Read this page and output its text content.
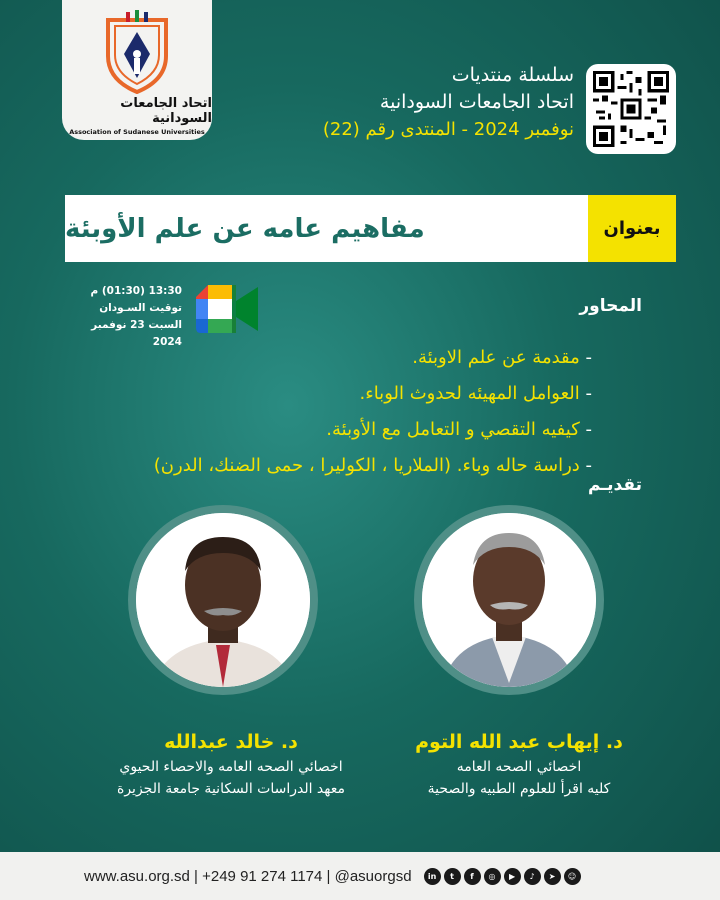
اتحاد الجامعات السودانية
Association of Sudanese Universities
سلسلة منتديات
اتحاد الجامعات السودانية
نوفمبر 2024 - المنتدى رقم (22)
مفاهيم عامه عن علم الأوبئة	بعنوان
13:30 (01:30) م
توقيت السـودان
السبت 23 نوفمبر 2024
المحاور
- مقدمة عن علم الاوبئة.
- العوامل المهيئه لحدوث الوباء.
- كيفيه التقصي و التعامل مع الأوبئة.
- دراسة حاله وباء. (الملاريا ، الكوليرا ، حمى الضنك، الدرن)
تقديـم
د. إيهاب عبد الله التوم
اخصائي الصحه العامه
كليه اقرأ للعلوم الطبيه والصحية
د. خالد عبدالله
اخصائي الصحه العامه والاحصاء الحيوي
معهد الدراسات السكانية جامعة الجزيرة
www.asu.org.sd | +249 91 274 1174 | @asuorgsd	in	t	f	◎	▶	♪	➤	☺
